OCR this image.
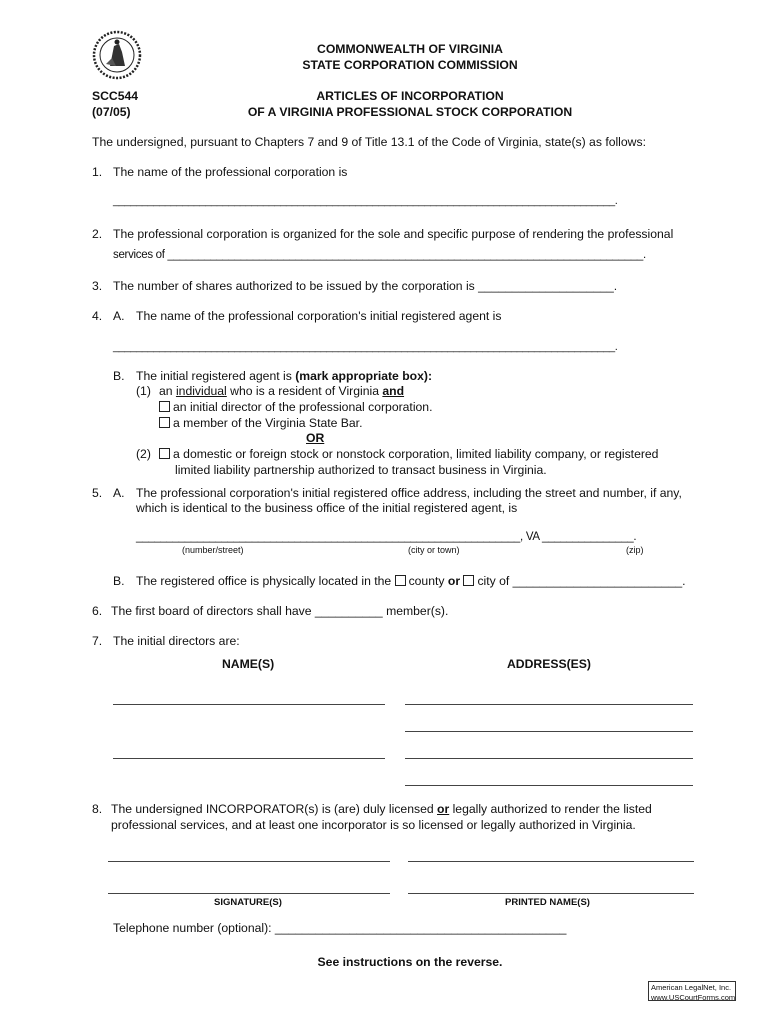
COMMONWEALTH OF VIRGINIA
STATE CORPORATION COMMISSION
SCC544
(07/05)
ARTICLES OF INCORPORATION
OF A VIRGINIA PROFESSIONAL STOCK CORPORATION
The undersigned, pursuant to Chapters 7 and 9 of Title 13.1 of the Code of Virginia, state(s) as follows:
1. The name of the professional corporation is
_______________________________________________________________________________________.
2. The professional corporation is organized for the sole and specific purpose of rendering the professional
services of ______________________________________________________________________________.
3. The number of shares authorized to be issued by the corporation is ____________________.
4. A. The name of the professional corporation's initial registered agent is
_______________________________________________________________________________________.
B. The initial registered agent is (mark appropriate box):
(1) an individual who is a resident of Virginia and
an initial director of the professional corporation.
a member of the Virginia State Bar.
OR
(2)	a domestic or foreign stock or nonstock corporation, limited liability company, or registered
limited liability partnership authorized to transact business in Virginia.
5. A. The professional corporation's initial registered office address, including the street and number, if any,
which is identical to the business office of the initial registered agent, is
_______________________________________________________________, VA _______________.
(number/street)	(city or town)	(zip)
B. The registered office is physically located in the county or city of _________________________.
6. The first board of directors shall have __________ member(s).
7. The initial directors are:
NAME(S)	ADDRESS(ES)
8. The undersigned INCORPORATOR(s) is (are) duly licensed or legally authorized to render the listed
professional services, and at least one incorporator is so licensed or legally authorized in Virginia.
SIGNATURE(S)	PRINTED NAME(S)
Telephone number (optional): ___________________________________________
See instructions on the reverse.
American LegalNet, Inc.
www.USCourtForms.com
